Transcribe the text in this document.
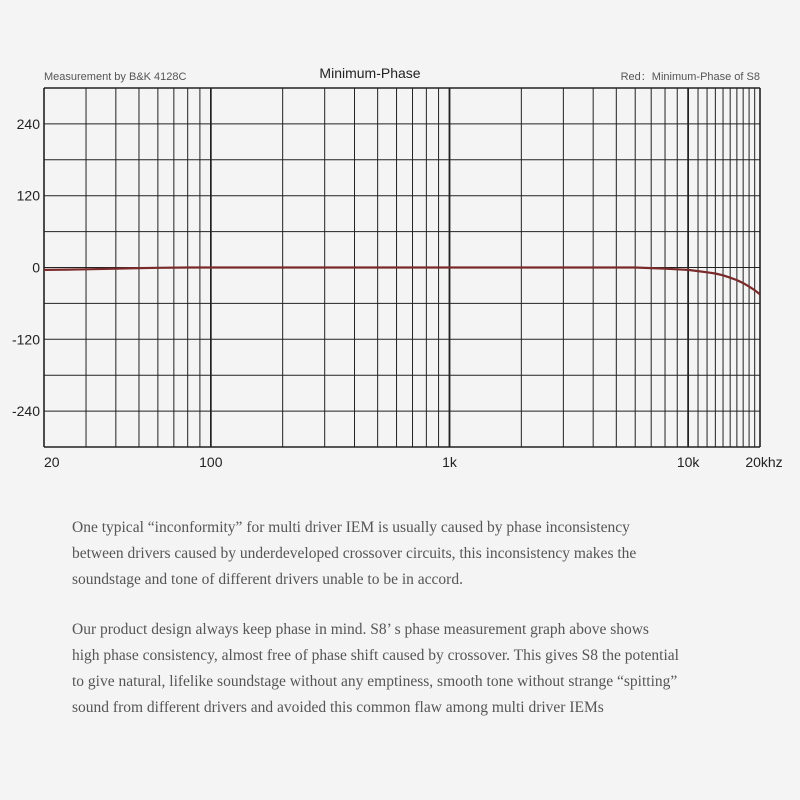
Measurement by B&K 4128C	Minimum-Phase	Red：Minimum-Phase of S8
240
120
0
-120
-240
20	100	1k	10k	20khz

One typical “inconformity” for multi driver IEM is usually caused by phase inconsistency

between drivers caused by underdeveloped crossover circuits, this inconsistency makes the

soundstage and tone of different drivers unable to be in accord.

Our product design always keep phase in mind. S8’ s phase measurement graph above shows

high phase consistency, almost free of phase shift caused by crossover. This gives S8 the potential

to give natural, lifelike soundstage without any emptiness, smooth tone without strange “spitting”

sound from different drivers and avoided this common flaw among multi driver IEMs
